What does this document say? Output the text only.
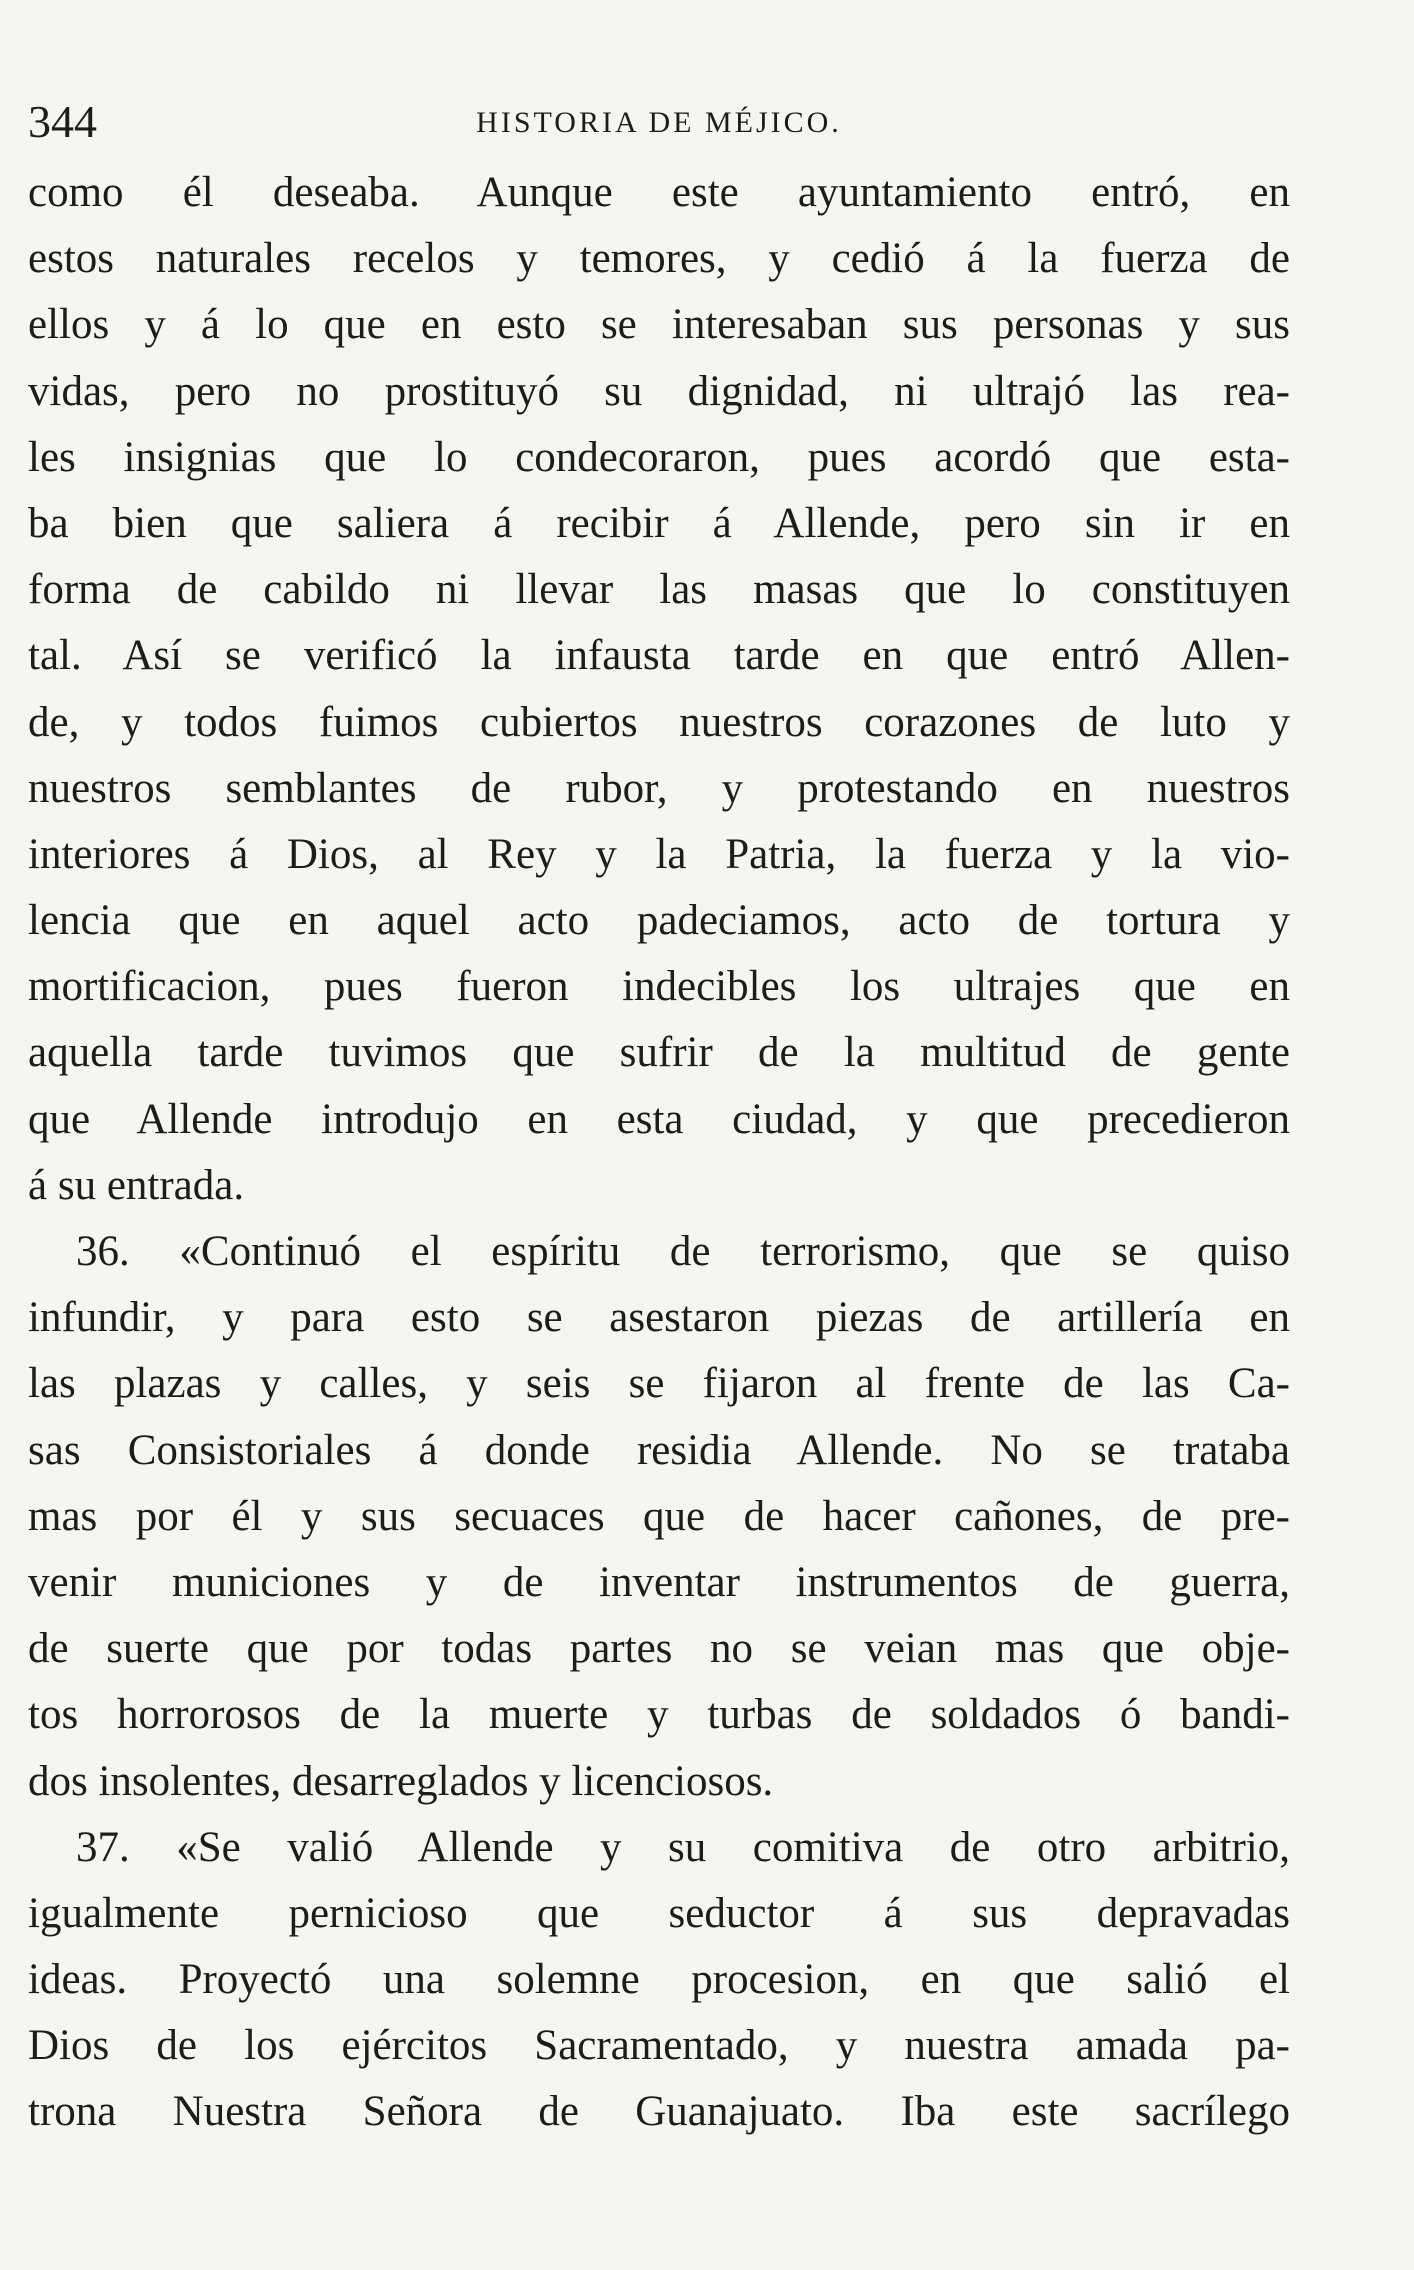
344	HISTORIA DE MÉJICO.
como él deseaba. Aunque este ayuntamiento entró, en
estos naturales recelos y temores, y cedió á la fuerza de
ellos y á lo que en esto se interesaban sus personas y sus
vidas, pero no prostituyó su dignidad, ni ultrajó las rea-
les insignias que lo condecoraron, pues acordó que esta-
ba bien que saliera á recibir á Allende, pero sin ir en
forma de cabildo ni llevar las masas que lo constituyen
tal. Así se verificó la infausta tarde en que entró Allen-
de, y todos fuimos cubiertos nuestros corazones de luto y
nuestros semblantes de rubor, y protestando en nuestros
interiores á Dios, al Rey y la Patria, la fuerza y la vio-
lencia que en aquel acto padeciamos, acto de tortura y
mortificacion, pues fueron indecibles los ultrajes que en
aquella tarde tuvimos que sufrir de la multitud de gente
que Allende introdujo en esta ciudad, y que precedieron
á su entrada.
36. «Continuó el espíritu de terrorismo, que se quiso
infundir, y para esto se asestaron piezas de artillería en
las plazas y calles, y seis se fijaron al frente de las Ca-
sas Consistoriales á donde residia Allende. No se trataba
mas por él y sus secuaces que de hacer cañones, de pre-
venir municiones y de inventar instrumentos de guerra,
de suerte que por todas partes no se veian mas que obje-
tos horrorosos de la muerte y turbas de soldados ó bandi-
dos insolentes, desarreglados y licenciosos.
37. «Se valió Allende y su comitiva de otro arbitrio,
igualmente pernicioso que seductor á sus depravadas
ideas. Proyectó una solemne procesion, en que salió el
Dios de los ejércitos Sacramentado, y nuestra amada pa-
trona Nuestra Señora de Guanajuato. Iba este sacrílego
